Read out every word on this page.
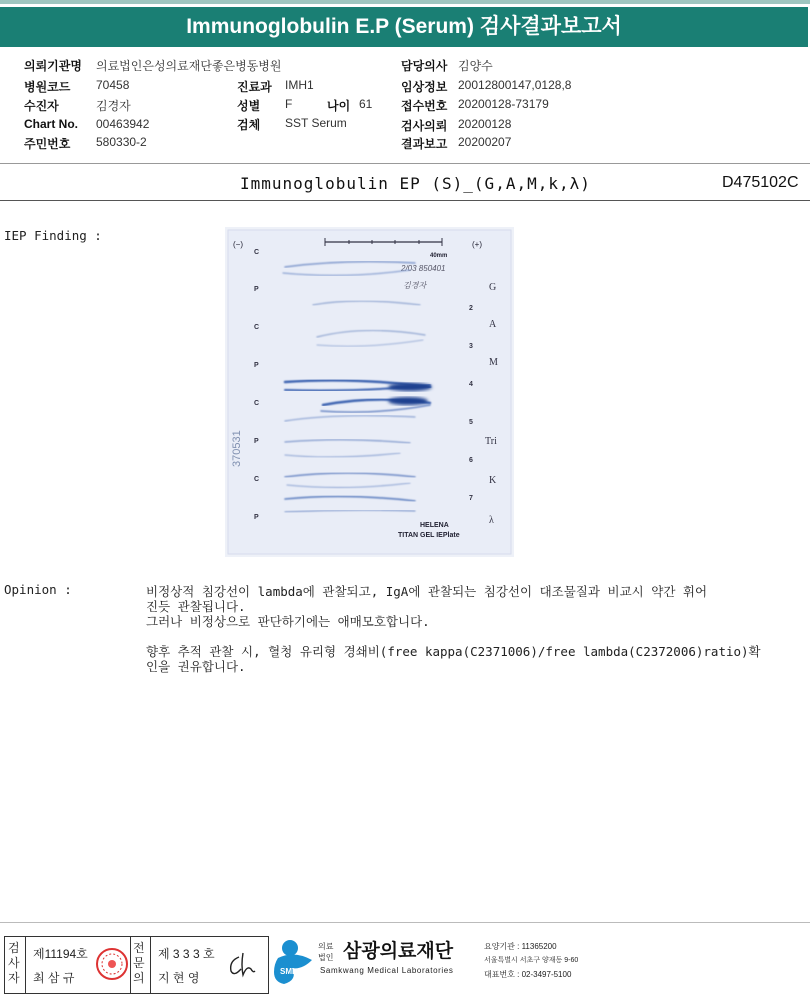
Immunoglobulin E.P (Serum) 검사결과보고서
의뢰기관명 의료법인은성의료재단좋은병동병원
병원코드 70458
수진자	김경자
Chart No. 00463942
주민번호 580330-2
진료과 IMH1
성별 F	나이 61
검체 SST Serum
담당의사 김양수
임상정보 20012800147,0128,8
접수번호 20200128-73179
검사의뢰 20200128
결과보고 20200207
Immunoglobulin EP (S)_(G,A,M,k,λ)	D475102C
IEP Finding :
(−)	(+)
40mm
2/03 850401
김경자
370531
C
P
C
P
C
P
C
P
2
3
4
5
6
7
G
A
M
Tri
K
λ
HELENA
TITAN GEL IEPlate
Opinion :	비정상적 침강선이 lambda에 관찰되고, IgA에 관찰되는 침강선이 대조물질과 비교시 약간 휘어
진듯 관찰됩니다.
그러나 비정상으로 판단하기에는 애매모호합니다.
향후 추적 관찰 시, 혈청 유리형 경쇄비(free kappa(C2371006)/free lambda(C2372006)ratio)확
인을 권유합니다.
검사자
제11194호
최 삼 규
전문의
제 3 3 3 호
지 현 영	SML
의료
법인 삼광의료재단
Samkwang Medical Laboratories
요양기관 : 11365200
서울특별시 서초구 양재동 9-60
대표번호 : 02-3497-5100
